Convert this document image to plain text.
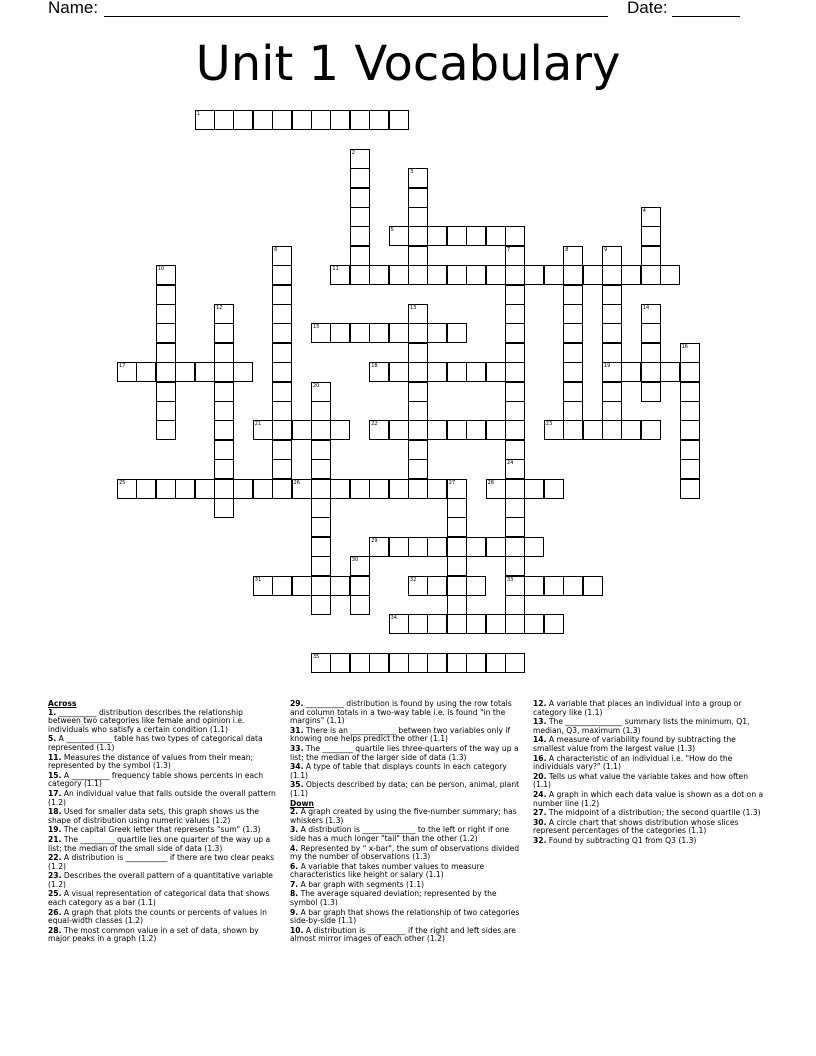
Name:	Date:
Unit 1 Vocabulary
1
2
3
4
5
6	7
24
8	9
19
10	11
12	13	14
15
16
17	18
20
21	22	23
33
25	26	27	28
29
30
31	32
34
35
Across
1. __________ distribution describes the relationship between two categories like female and opinion i.e. individuals who satisfy a certain condition (1.1)
5. A ____________ table has two types of categorical data represented (1.1)
11. Measures the distance of values from their mean; represented by the symbol (1.3)
15. A __________ frequency table shows percents in each category (1.1)
17. An individual value that falls outside the overall pattern (1.2)
18. Used for smaller data sets, this graph shows us the shape of distribution using numeric values (1.2)
19. The capital Greek letter that represents "sum" (1.3)
21. The _________ quartile lies one quarter of the way up a list; the median of the small side of data (1.3)
22. A distribution is ___________ if there are two clear peaks (1.2)
23. Describes the overall pattern of a quantitative variable (1.2)
25. A visual representation of categorical data that shows each category as a bar (1.1)
26. A graph that plots the counts or percents of values in equal-width classes (1.2)
28. The most common value in a set of data, shown by major peaks in a graph (1.2)
29. __________ distribution is found by using the row totals and column totals in a two-way table i.e. is found "in the margins" (1.1)
31. There is an ____________ between two variables only if knowing one helps predict the other (1.1)
33. The ________ quartile lies three-quarters of the way up a list; the median of the larger side of data (1.3)
34. A type of table that displays counts in each category (1.1)
35. Objects described by data; can be person, animal, plant (1.1)
Down
2. A graph created by using the five-number summary; has whiskers (1.3)
3. A distribution is ______________ to the left or right if one side has a much longer "tail" than the other (1.2)
4. Represented by " x-bar", the sum of observations divided my the number of observations (1.3)
6. A variable that takes number values to measure characteristics like height or salary (1.1)
7. A bar graph with segments (1.1)
8. The average squared deviation; represented by the symbol (1.3)
9. A bar graph that shows the relationship of two categories side-by-side (1.1)
10. A distribution is __________ if the right and left sides are almost mirror images of each other (1.2)
12. A variable that places an individual into a group or category like (1.1)
13. The _______________ summary lists the minimum, Q1, median, Q3, maximum (1.3)
14. A measure of variability found by subtracting the smallest value from the largest value (1.3)
16. A characteristic of an individual i.e. "How do the individuals vary?" (1.1)
20. Tells us what value the variable takes and how often (1.1)
24. A graph in which each data value is shown as a dot on a number line (1.2)
27. The midpoint of a distribution; the second quartile (1.3)
30. A circle chart that shows distribution whose slices represent percentages of the categories (1.1)
32. Found by subtracting Q1 from Q3 (1.3)
